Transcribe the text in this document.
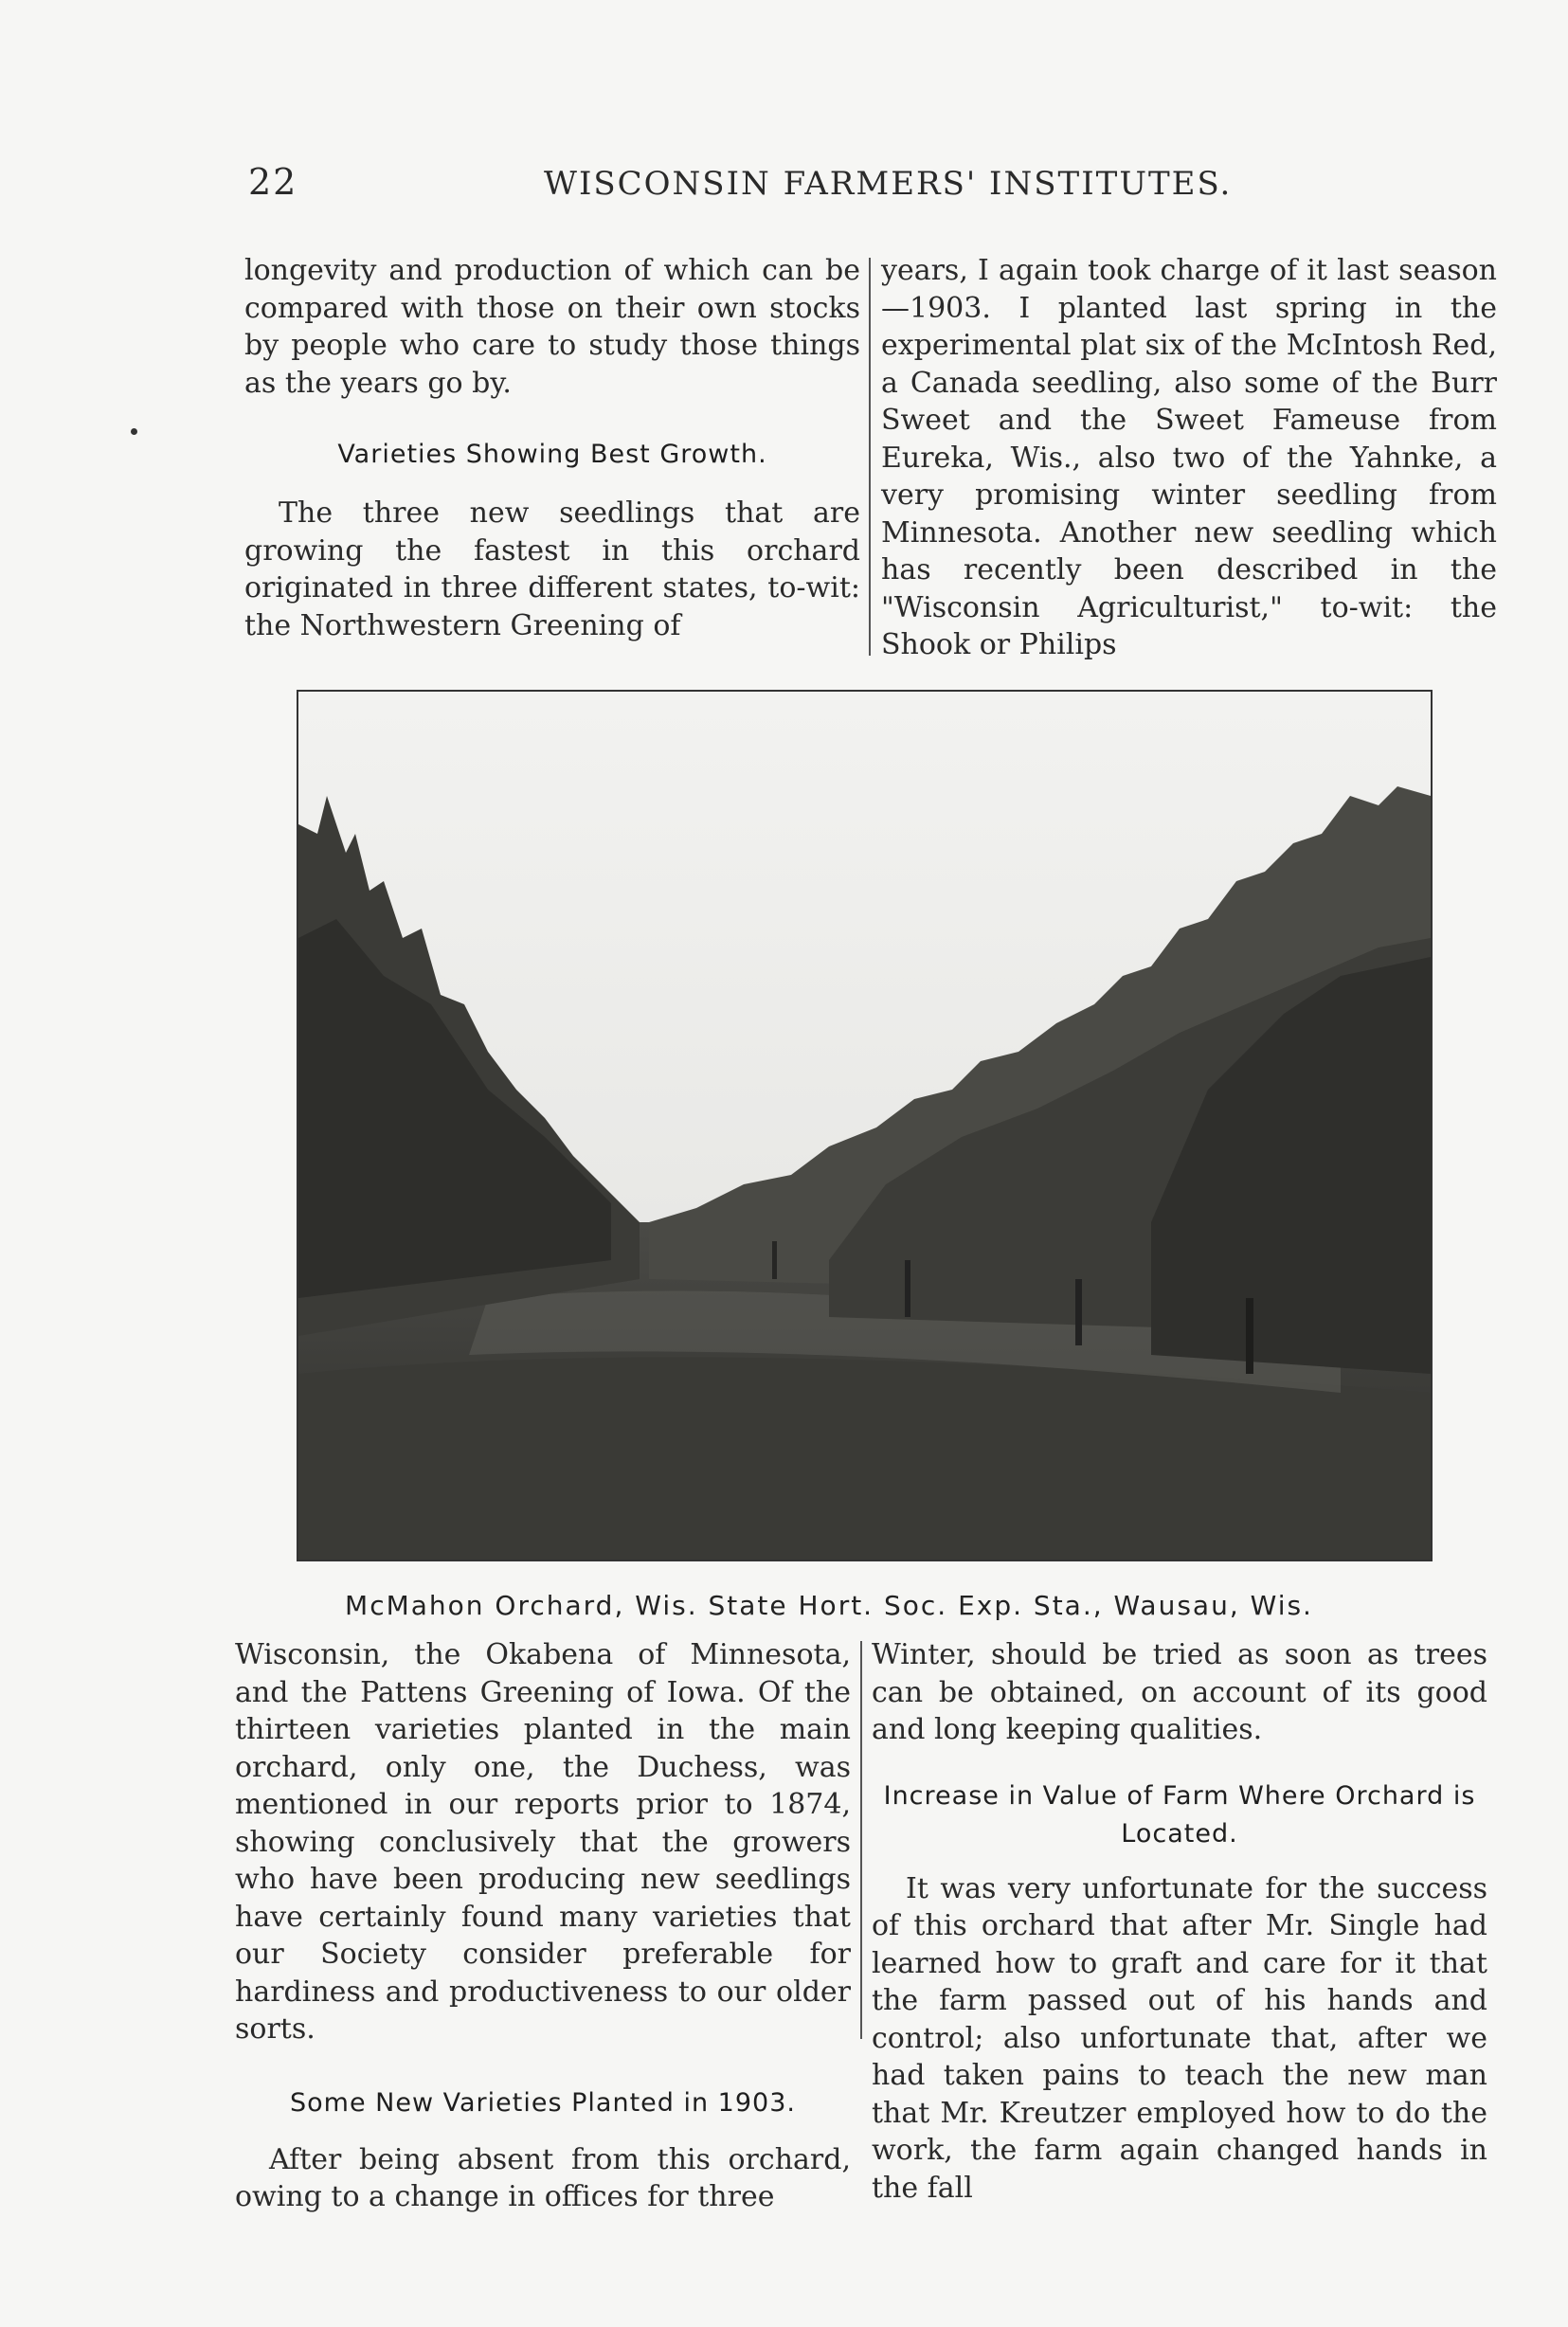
22	WISCONSIN FARMERS' INSTITUTES.

longevity and production of which can be compared with those on their own stocks by people who care to study those things as the years go by.

Varieties Showing Best Growth.

The three new seedlings that are growing the fastest in this orchard originated in three different states, to-wit: the Northwestern Greening of

years, I again took charge of it last season—1903. I planted last spring in the experimental plat six of the McIntosh Red, a Canada seedling, also some of the Burr Sweet and the Sweet Fameuse from Eureka, Wis., also two of the Yahnke, a very promising winter seedling from Minnesota. Another new seedling which has recently been described in the "Wisconsin Agriculturist," to-wit: the Shook or Philips

McMahon Orchard, Wis. State Hort. Soc. Exp. Sta., Wausau, Wis.

Wisconsin, the Okabena of Minnesota, and the Pattens Greening of Iowa. Of the thirteen varieties planted in the main orchard, only one, the Duchess, was mentioned in our reports prior to 1874, showing conclusively that the growers who have been producing new seedlings have certainly found many varieties that our Society consider preferable for hardiness and productiveness to our older sorts.

Some New Varieties Planted in 1903.

After being absent from this orchard, owing to a change in offices for three

Winter, should be tried as soon as trees can be obtained, on account of its good and long keeping qualities.

Increase in Value of Farm Where Orchard is Located.

It was very unfortunate for the success of this orchard that after Mr. Single had learned how to graft and care for it that the farm passed out of his hands and control; also unfortunate that, after we had taken pains to teach the new man that Mr. Kreutzer employed how to do the work, the farm again changed hands in the fall
